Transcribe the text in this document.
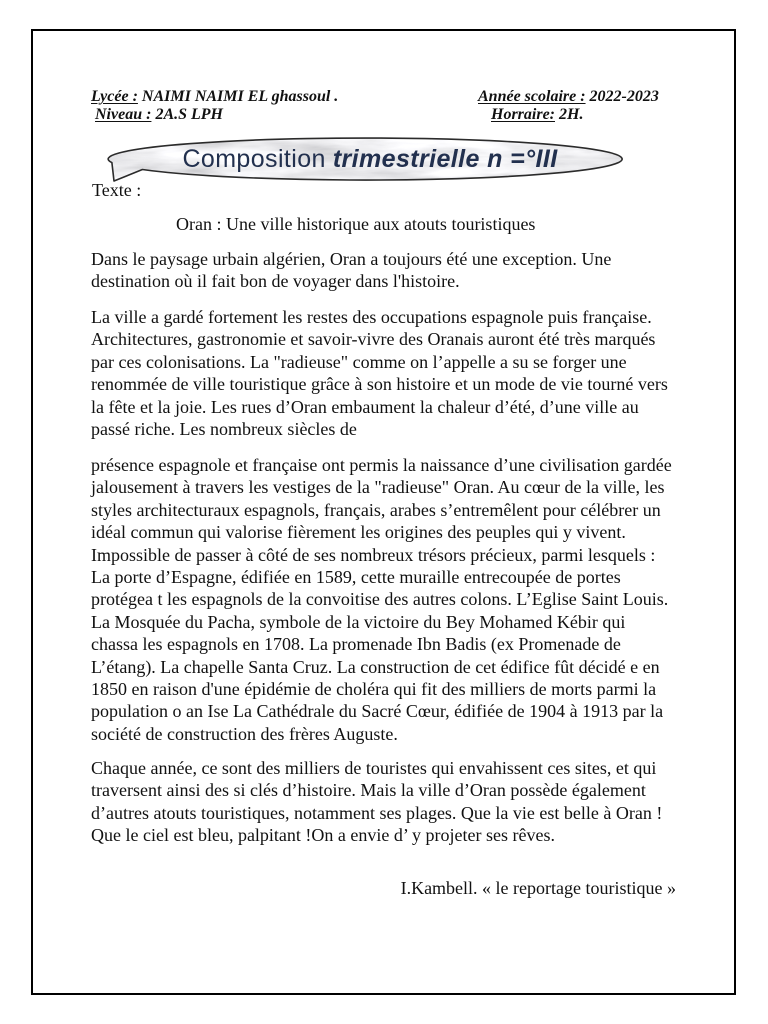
Lycée : NAIMI NAIMI EL ghassoul .	Année scolaire : 2022-2023
Niveau : 2A.S LPH	Horraire: 2H.
Composition trimestrielle n =°III
Texte :
Oran : Une ville historique aux atouts touristiques
Dans le paysage urbain algérien, Oran a toujours été une exception. Une
destination où il fait bon de voyager dans l'histoire.
La ville a gardé fortement les restes des occupations espagnole puis française.
Architectures, gastronomie et savoir-vivre des Oranais auront été très marqués
par ces colonisations. La "radieuse" comme on l’appelle a su se forger une
renommée de ville touristique grâce à son histoire et un mode de vie tourné vers
la fête et la joie. Les rues d’Oran embaument la chaleur d’été, d’une ville au
passé riche. Les nombreux siècles de
présence espagnole et française ont permis la naissance d’une civilisation gardée
jalousement à travers les vestiges de la "radieuse" Oran. Au cœur de la ville, les
styles architecturaux espagnols, français, arabes s’entremêlent pour célébrer un
idéal commun qui valorise fièrement les origines des peuples qui y vivent.
Impossible de passer à côté de ses nombreux trésors précieux, parmi lesquels :
La porte d’Espagne, édifiée en 1589, cette muraille entrecoupée de portes
protégea t les espagnols de la convoitise des autres colons. L’Eglise Saint Louis.
La Mosquée du Pacha, symbole de la victoire du Bey Mohamed Kébir qui
chassa les espagnols en 1708. La promenade Ibn Badis (ex Promenade de
L’étang). La chapelle Santa Cruz. La construction de cet édifice fût décidé e en
1850 en raison d'une épidémie de choléra qui fit des milliers de morts parmi la
population o an Ise La Cathédrale du Sacré Cœur, édifiée de 1904 à 1913 par la
société de construction des frères Auguste.
Chaque année, ce sont des milliers de touristes qui envahissent ces sites, et qui
traversent ainsi des si clés d’histoire. Mais la ville d’Oran possède également
d’autres atouts touristiques, notamment ses plages. Que la vie est belle à Oran !
Que le ciel est bleu, palpitant !On a envie d’ y projeter ses rêves.
I.Kambell. « le reportage touristique »
